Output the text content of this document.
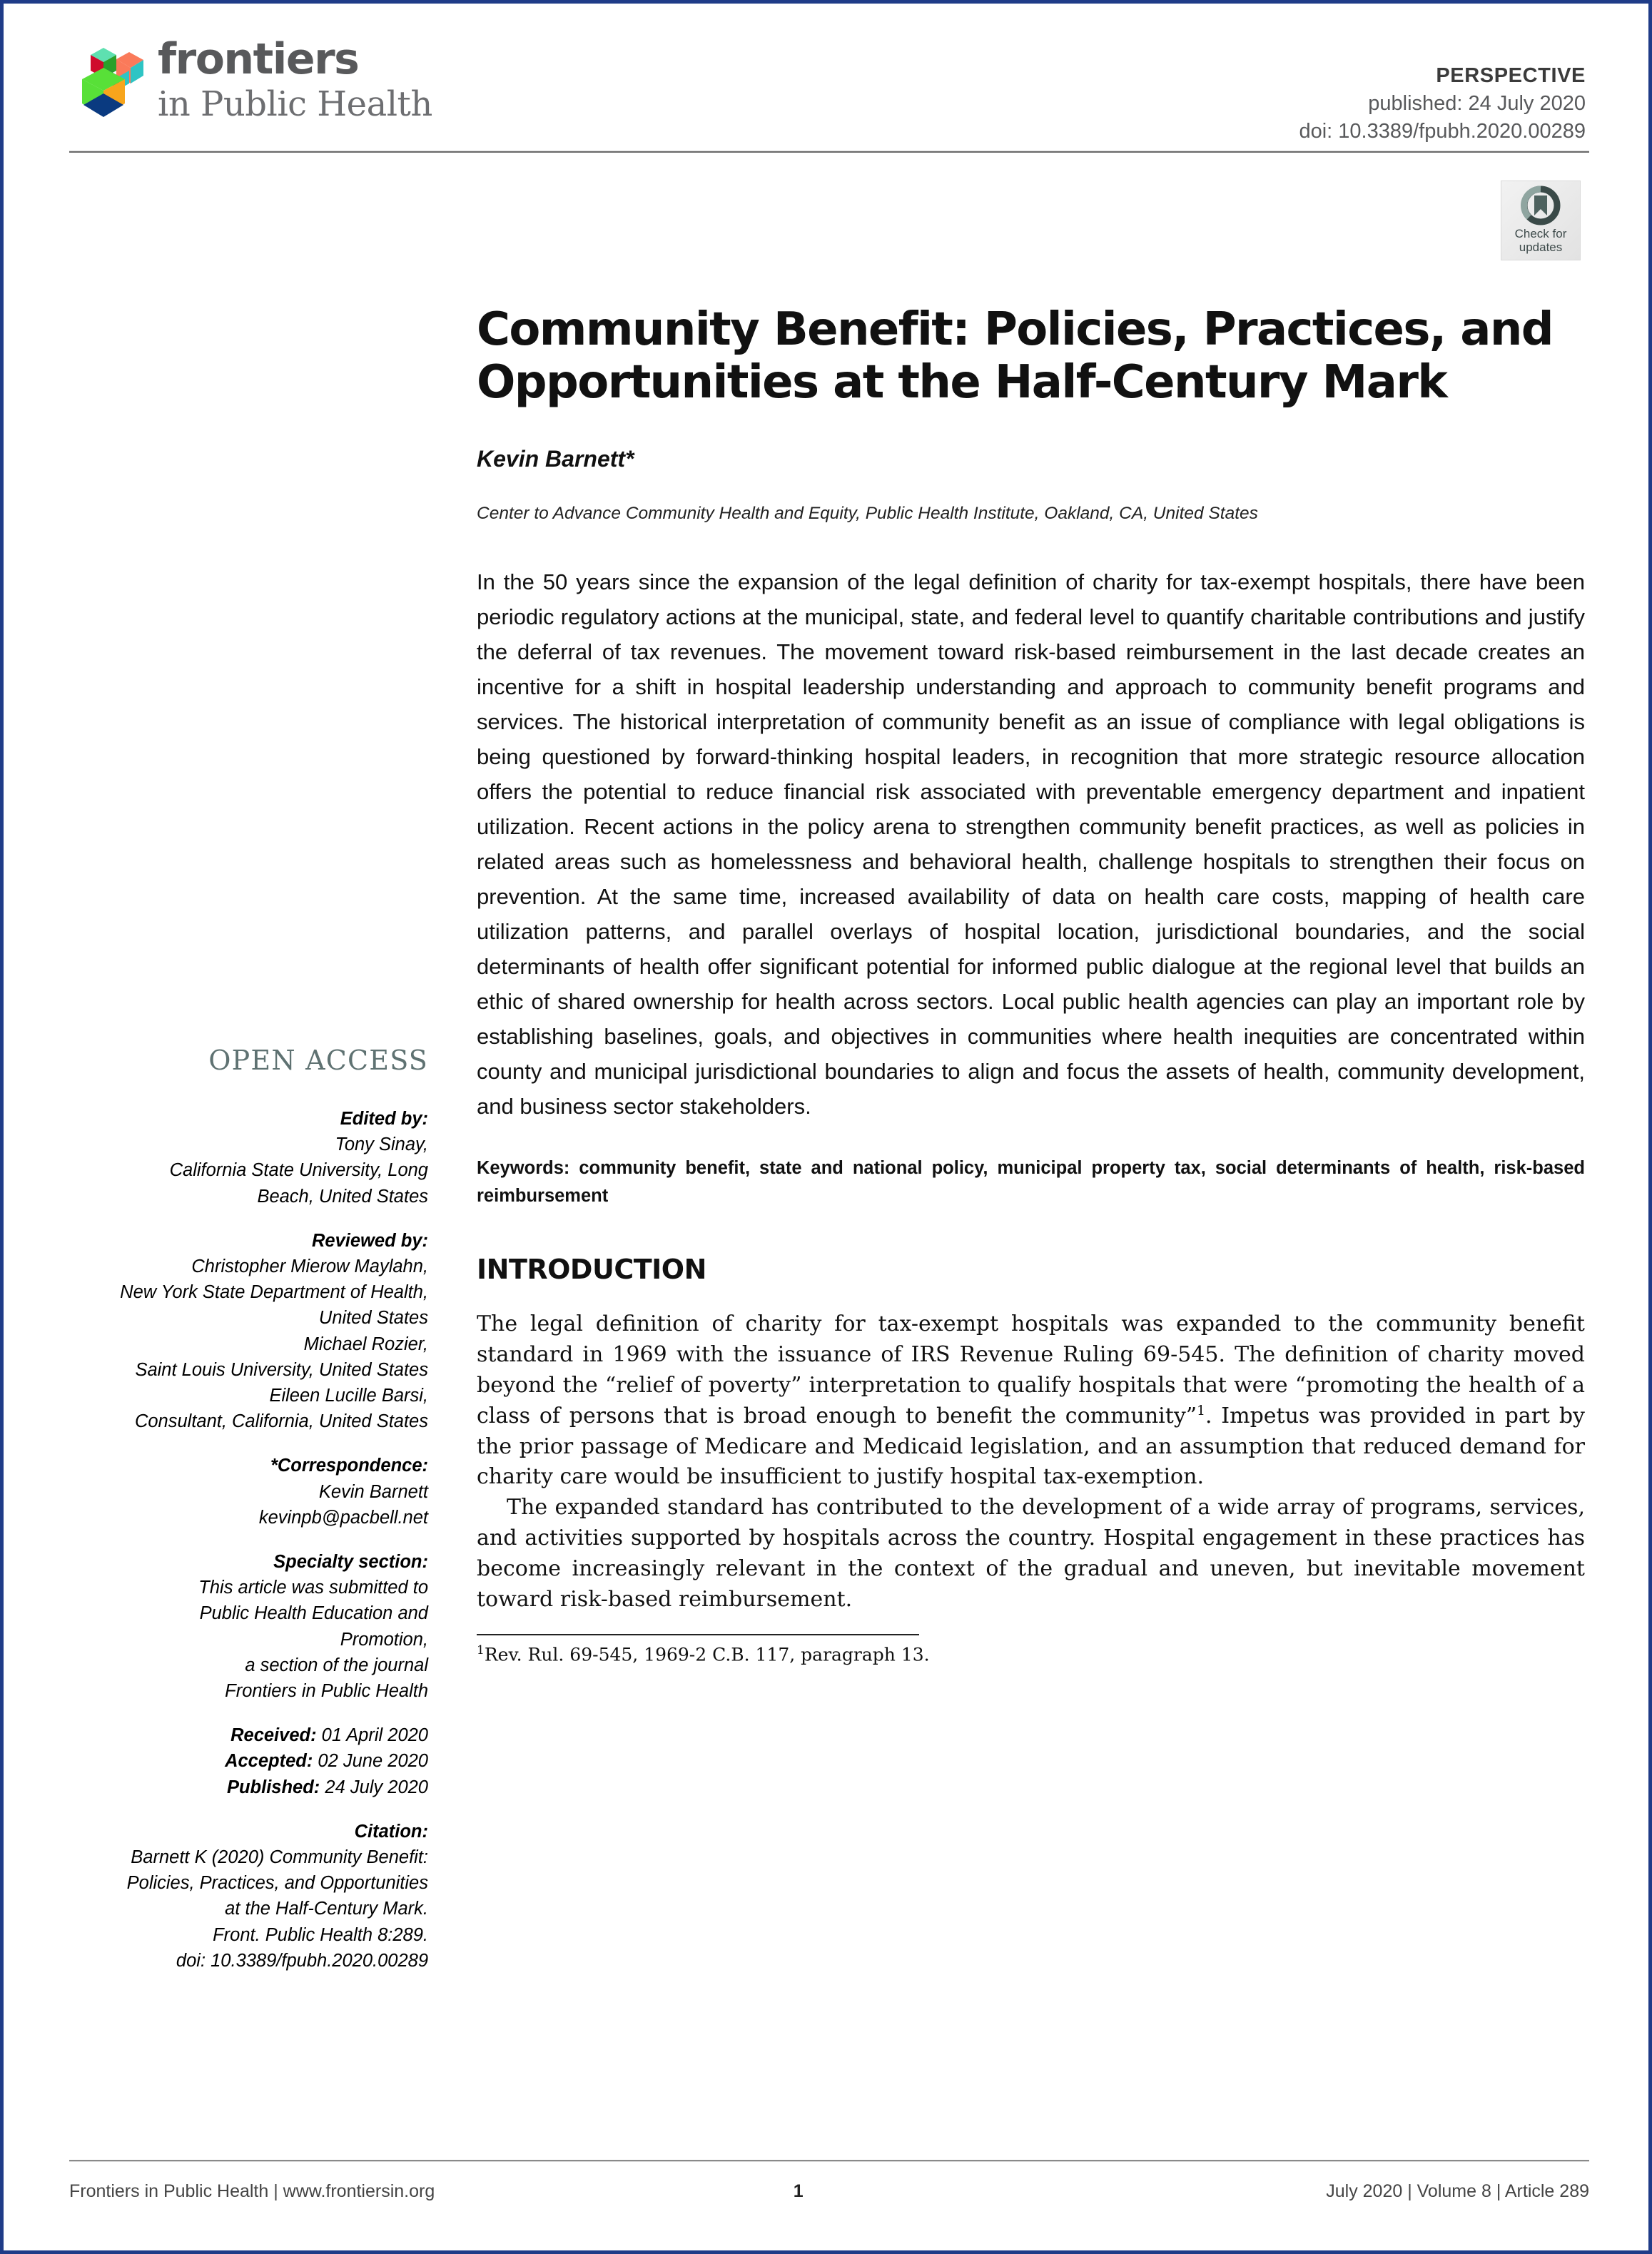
frontiers
in Public Health
PERSPECTIVE
published: 24 July 2020
doi: 10.3389/fpubh.2020.00289
Check for
updates
OPEN ACCESS
Edited by:
Tony Sinay,
California State University, Long
Beach, United States
Reviewed by:
Christopher Mierow Maylahn,
New York State Department of Health,
United States
Michael Rozier,
Saint Louis University, United States
Eileen Lucille Barsi,
Consultant, California, United States
*Correspondence:
Kevin Barnett
kevinpb@pacbell.net
Specialty section:
This article was submitted to
Public Health Education and
Promotion,
a section of the journal
Frontiers in Public Health
Received: 01 April 2020
Accepted: 02 June 2020
Published: 24 July 2020
Citation:
Barnett K (2020) Community Benefit:
Policies, Practices, and Opportunities
at the Half-Century Mark.
Front. Public Health 8:289.
doi: 10.3389/fpubh.2020.00289
Community Benefit: Policies, Practices, and Opportunities at the Half-Century Mark
Kevin Barnett*
Center to Advance Community Health and Equity, Public Health Institute, Oakland, CA, United States
In the 50 years since the expansion of the legal definition of charity for tax-exempt hospitals, there have been periodic regulatory actions at the municipal, state, and federal level to quantify charitable contributions and justify the deferral of tax revenues. The movement toward risk-based reimbursement in the last decade creates an incentive for a shift in hospital leadership understanding and approach to community benefit programs and services. The historical interpretation of community benefit as an issue of compliance with legal obligations is being questioned by forward-thinking hospital leaders, in recognition that more strategic resource allocation offers the potential to reduce financial risk associated with preventable emergency department and inpatient utilization. Recent actions in the policy arena to strengthen community benefit practices, as well as policies in related areas such as homelessness and behavioral health, challenge hospitals to strengthen their focus on prevention. At the same time, increased availability of data on health care costs, mapping of health care utilization patterns, and parallel overlays of hospital location, jurisdictional boundaries, and the social determinants of health offer significant potential for informed public dialogue at the regional level that builds an ethic of shared ownership for health across sectors. Local public health agencies can play an important role by establishing baselines, goals, and objectives in communities where health inequities are concentrated within county and municipal jurisdictional boundaries to align and focus the assets of health, community development, and business sector stakeholders.
Keywords: community benefit, state and national policy, municipal property tax, social determinants of health, risk-based reimbursement
INTRODUCTION

The legal definition of charity for tax-exempt hospitals was expanded to the community benefit standard in 1969 with the issuance of IRS Revenue Ruling 69-545. The definition of charity moved beyond the “relief of poverty” interpretation to qualify hospitals that were “promoting the health of a class of persons that is broad enough to benefit the community”$^1$. Impetus was provided in part by the prior passage of Medicare and Medicaid legislation, and an assumption that reduced demand for charity care would be insufficient to justify hospital tax-exemption.

The expanded standard has contributed to the development of a wide array of programs, services, and activities supported by hospitals across the country. Hospital engagement in these practices has become increasingly relevant in the context of the gradual and uneven, but inevitable movement toward risk-based reimbursement.

$^1$Rev. Rul. 69-545, 1969-2 C.B. 117, paragraph 13.
Frontiers in Public Health | www.frontiersin.org	1	July 2020 | Volume 8 | Article 289
